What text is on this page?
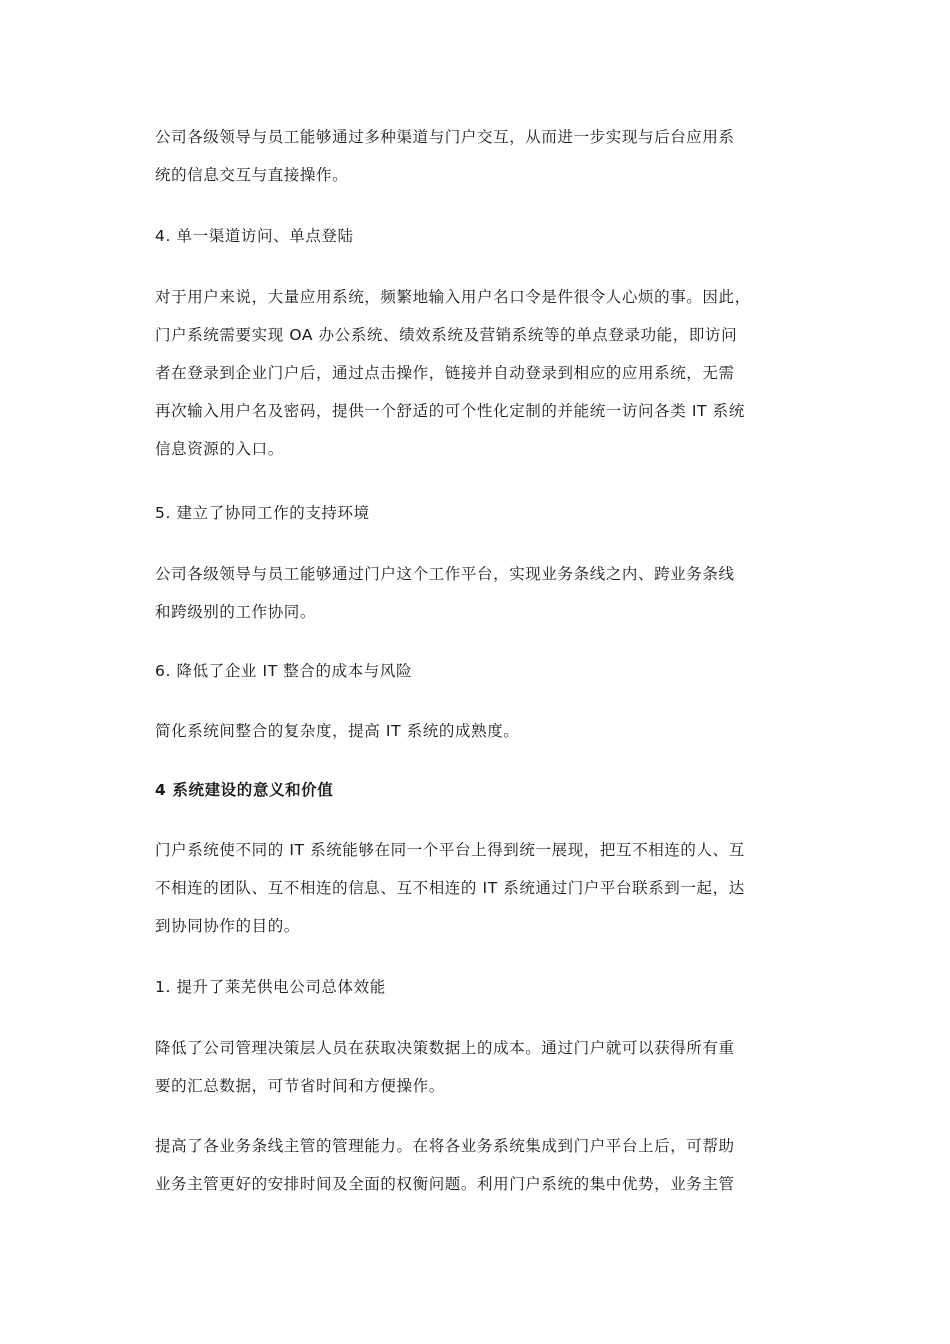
公司各级领导与员工能够通过多种渠道与门户交互，从而进一步实现与后台应用系
统的信息交互与直接操作。

4. 单一渠道访问、单点登陆

对于用户来说，大量应用系统，频繁地输入用户名口令是件很令人心烦的事。因此，
门户系统需要实现 OA 办公系统、绩效系统及营销系统等的单点登录功能，即访问
者在登录到企业门户后，通过点击操作，链接并自动登录到相应的应用系统，无需
再次输入用户名及密码，提供一个舒适的可个性化定制的并能统一访问各类 IT 系统
信息资源的入口。

5. 建立了协同工作的支持环境

公司各级领导与员工能够通过门户这个工作平台，实现业务条线之内、跨业务条线
和跨级别的工作协同。

6. 降低了企业 IT 整合的成本与风险

简化系统间整合的复杂度，提高 IT 系统的成熟度。

4 系统建设的意义和价值

门户系统使不同的 IT 系统能够在同一个平台上得到统一展现，把互不相连的人、互
不相连的团队、互不相连的信息、互不相连的 IT 系统通过门户平台联系到一起，达
到协同协作的目的。

1. 提升了莱芜供电公司总体效能

降低了公司管理决策层人员在获取决策数据上的成本。通过门户就可以获得所有重
要的汇总数据，可节省时间和方便操作。

提高了各业务条线主管的管理能力。在将各业务系统集成到门户平台上后，可帮助
业务主管更好的安排时间及全面的权衡问题。利用门户系统的集中优势，业务主管
